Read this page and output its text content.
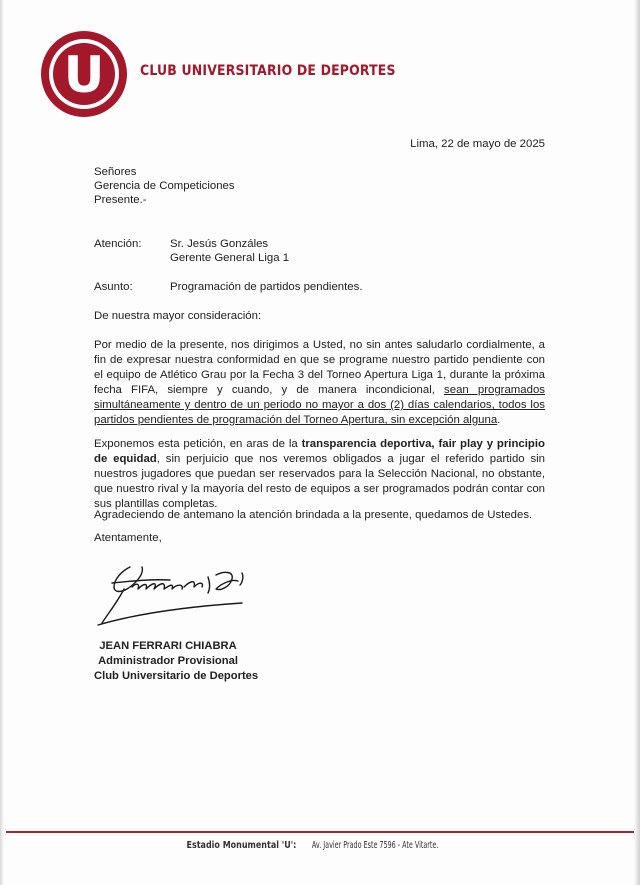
U CLUB UNIVERSITARIO DE DEPORTES
Lima, 22 de mayo de 2025
Señores
Gerencia de Competiciones
Presente.-
Atención:	Sr. Jesús Gonzáles
Gerente General Liga 1
Asunto:	Programación de partidos pendientes.
De nuestra mayor consideración:
Por medio de la presente, nos dirigimos a Usted, no sin antes saludarlo cordialmente, a fin de expresar nuestra conformidad en que se programe nuestro partido pendiente con el equipo de Atlético Grau por la Fecha 3 del Torneo Apertura Liga 1, durante la próxima fecha FIFA, siempre y cuando, y de manera incondicional, sean programados simultáneamente y dentro de un periodo no mayor a dos (2) días calendarios, todos los partidos pendientes de programación del Torneo Apertura, sin excepción alguna.
Exponemos esta petición, en aras de la transparencia deportiva, fair play y principio de equidad, sin perjuicio que nos veremos obligados a jugar el referido partido sin nuestros jugadores que puedan ser reservados para la Selección Nacional, no obstante, que nuestro rival y la mayoría del resto de equipos a ser programados podrán contar con sus plantillas completas.
Agradeciendo de antemano la atención brindada a la presente, quedamos de Ustedes.
Atentamente,
JEAN FERRARI CHIABRA
Administrador Provisional
Club Universitario de Deportes
Estadio Monumental 'U':Av. Javier Prado Este 7596 - Ate Vitarte.
